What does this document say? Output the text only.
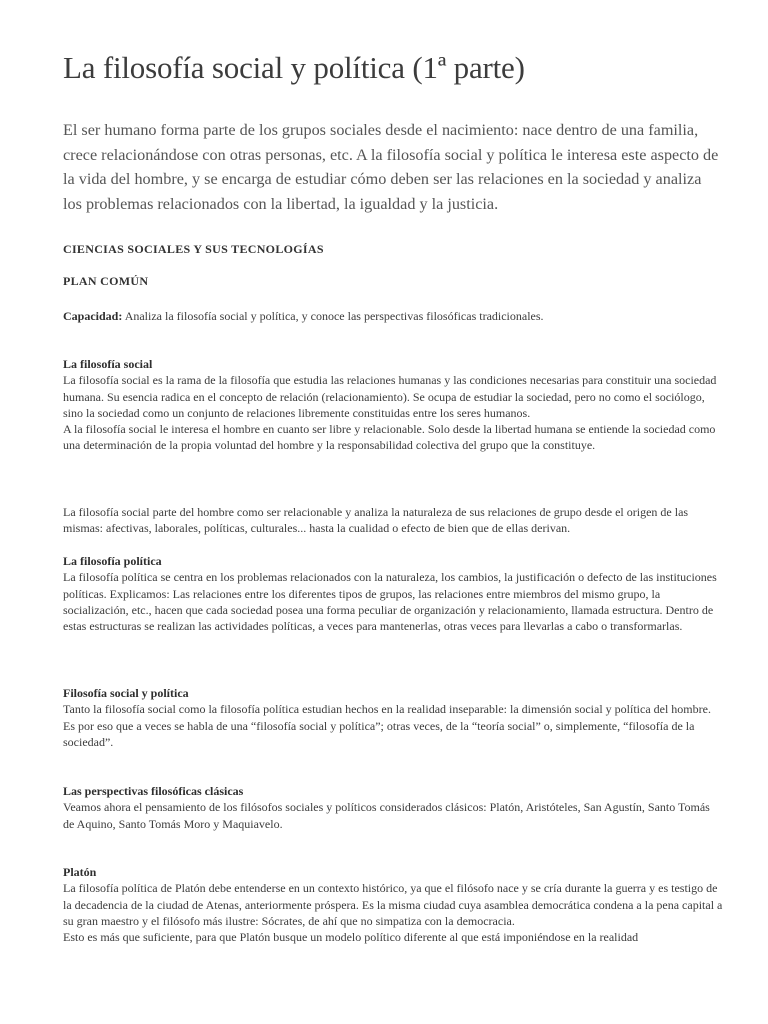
La filosofía social y política (1ª parte)

El ser humano forma parte de los grupos sociales desde el nacimiento: nace dentro de una familia, crece relacionándose con otras personas, etc. A la filosofía social y política le interesa este aspecto de la vida del hombre, y se encarga de estudiar cómo deben ser las relaciones en la sociedad y analiza los problemas relacionados con la libertad, la igualdad y la justicia.

CIENCIAS SOCIALES Y SUS TECNOLOGÍAS

PLAN COMÚN

Capacidad: Analiza la filosofía social y política, y conoce las perspectivas filosóficas tradicionales.

La filosofía social
La filosofía social es la rama de la filosofía que estudia las relaciones humanas y las condiciones necesarias para constituir una sociedad humana. Su esencia radica en el concepto de relación (relacionamiento). Se ocupa de estudiar la sociedad, pero no como el sociólogo, sino la sociedad como un conjunto de relaciones libremente constituidas entre los seres humanos.
A la filosofía social le interesa el hombre en cuanto ser libre y relacionable. Solo desde la libertad humana se entiende la sociedad como una determinación de la propia voluntad del hombre y la responsabilidad colectiva del grupo que la constituye.
La filosofía social parte del hombre como ser relacionable y analiza la naturaleza de sus relaciones de grupo desde el origen de las mismas: afectivas, laborales, políticas, culturales... hasta la cualidad o efecto de bien que de ellas derivan.
La filosofía política
La filosofía política se centra en los problemas relacionados con la naturaleza, los cambios, la justificación o defecto de las instituciones políticas. Explicamos: Las relaciones entre los diferentes tipos de grupos, las relaciones entre miembros del mismo grupo, la socialización, etc., hacen que cada sociedad posea una forma peculiar de organización y relacionamiento, llamada estructura. Dentro de estas estructuras se realizan las actividades políticas, a veces para mantenerlas, otras veces para llevarlas a cabo o transformarlas.
Filosofía social y política
Tanto la filosofía social como la filosofía política estudian hechos en la realidad inseparable: la dimensión social y política del hombre. Es por eso que a veces se habla de una “filosofía social y política”; otras veces, de la “teoría social” o, simplemente, “filosofía de la sociedad”.
Las perspectivas filosóficas clásicas
Veamos ahora el pensamiento de los filósofos sociales y políticos considerados clásicos: Platón, Aristóteles, San Agustín, Santo Tomás de Aquino, Santo Tomás Moro y Maquiavelo.
Platón
La filosofía política de Platón debe entenderse en un contexto histórico, ya que el filósofo nace y se cría durante la guerra y es testigo de la decadencia de la ciudad de Atenas, anteriormente próspera. Es la misma ciudad cuya asamblea democrática condena a la pena capital a su gran maestro y el filósofo más ilustre: Sócrates, de ahí que no simpatiza con la democracia.
Esto es más que suficiente, para que Platón busque un modelo político diferente al que está imponiéndose en la realidad
